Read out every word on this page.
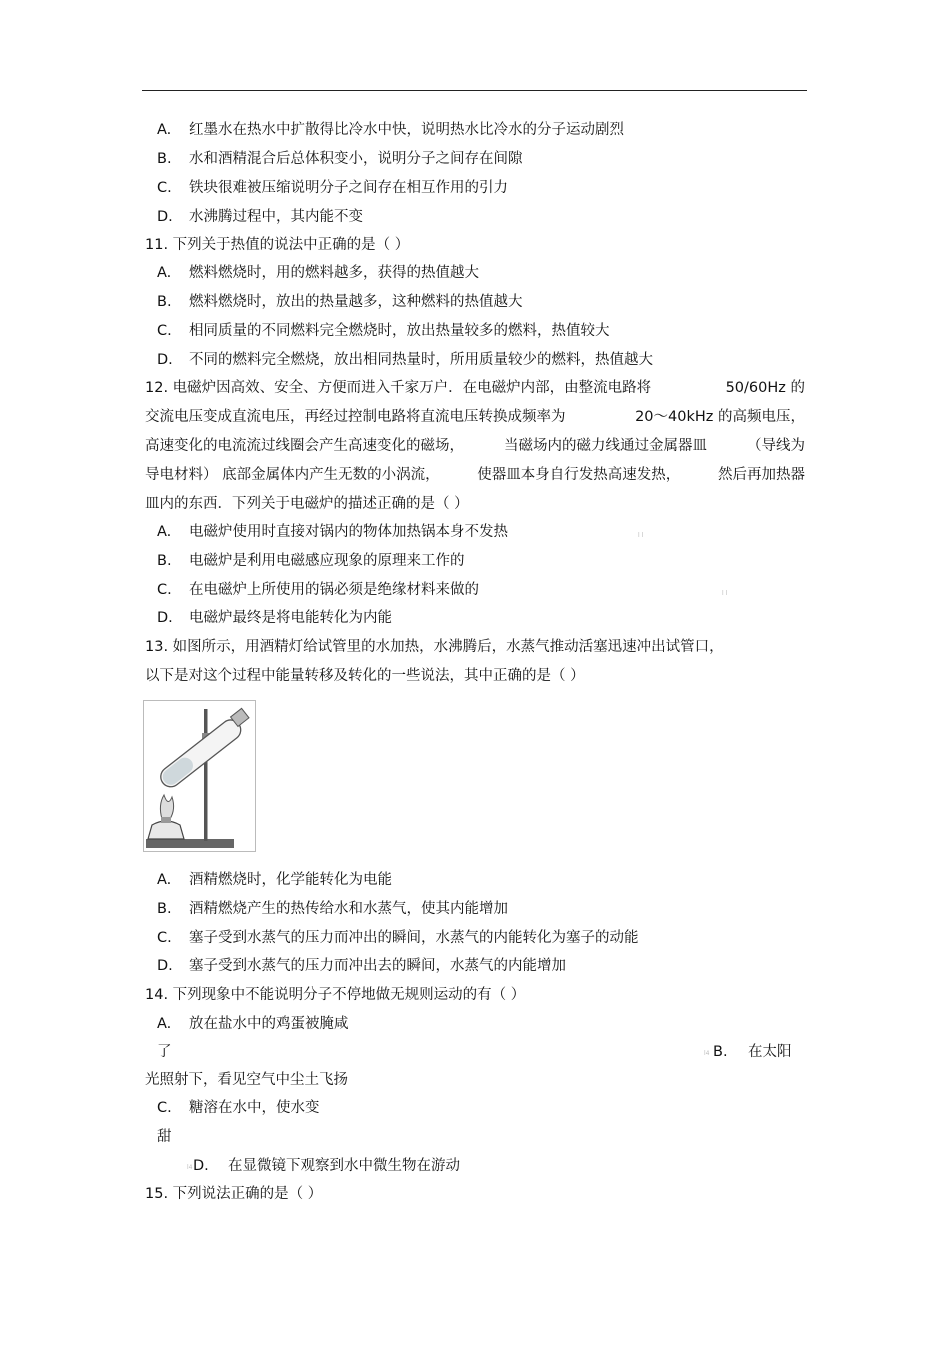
A. 红墨水在热水中扩散得比冷水中快，说明热水比冷水的分子运动剧烈
B. 水和酒精混合后总体积变小，说明分子之间存在间隙
C. 铁块很难被压缩说明分子之间存在相互作用的引力
D. 水沸腾过程中，其内能不变
11. 下列关于热值的说法中正确的是（ ）
A. 燃料燃烧时，用的燃料越多，获得的热值越大
B. 燃料燃烧时，放出的热量越多，这种燃料的热值越大
C. 相同质量的不同燃料完全燃烧时，放出热量较多的燃料，热值较大
D. 不同的燃料完全燃烧，放出相同热量时，所用质量较少的燃料，热值越大
12. 电磁炉因高效、安全、方便而进入千家万户．在电磁炉内部，由整流电路将	50/60Hz 的
交流电压变成直流电压，再经过控制电路将直流电压转换成频率为	20～40kHz 的高频电压，
高速变化的电流流过线圈会产生高速变化的磁场，	当磁场内的磁力线通过金属器皿	（导线为
导电材料） 底部金属体内产生无数的小涡流，	使器皿本身自行发热高速发热，	然后再加热器
皿内的东西．下列关于电磁炉的描述正确的是（ ）
A. 电磁炉使用时直接对锅内的物体加热锅本身不发热	l l
B. 电磁炉是利用电磁感应现象的原理来工作的
C. 在电磁炉上所使用的锅必须是绝缘材料来做的	l l
D. 电磁炉最终是将电能转化为内能
13. 如图所示，用酒精灯给试管里的水加热，水沸腾后，水蒸气推动活塞迅速冲出试管口，
以下是对这个过程中能量转移及转化的一些说法，其中正确的是（ ）
A. 酒精燃烧时，化学能转化为电能
B. 酒精燃烧产生的热传给水和水蒸气，使其内能增加
C. 塞子受到水蒸气的压力而冲出的瞬间，水蒸气的内能转化为塞子的动能
D. 塞子受到水蒸气的压力而冲出去的瞬间，水蒸气的内能增加
14. 下列现象中不能说明分子不停地做无规则运动的有（ ）
A. 放在盐水中的鸡蛋被腌咸
了	l4 B. 在太阳
光照射下，看见空气中尘土飞扬
C. 糖溶在水中，使水变
甜
l4 D. 在显微镜下观察到水中微生物在游动
15. 下列说法正确的是（ ）
